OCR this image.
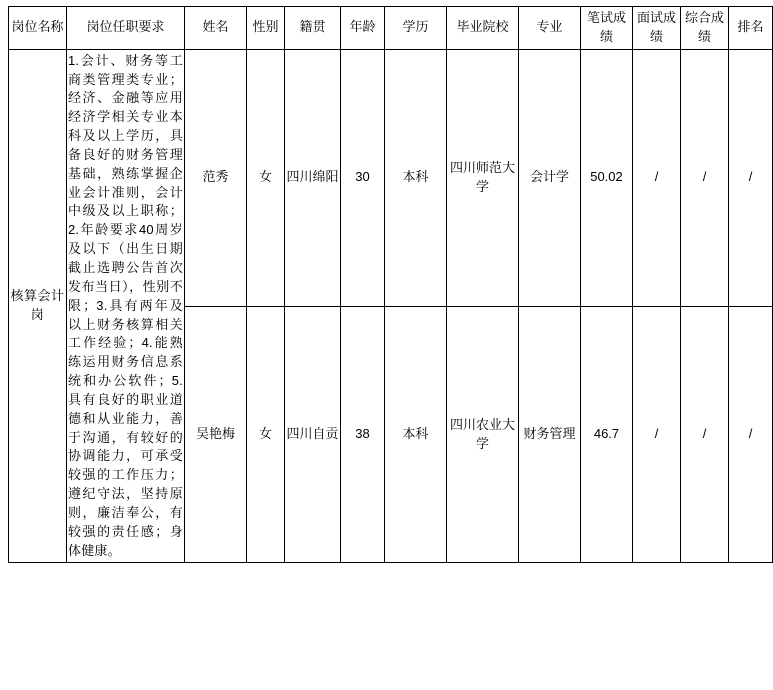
岗位名称	岗位任职要求	姓名	性别	籍贯	年龄	学历	毕业院校	专业	笔试成绩	面试成绩	综合成绩	排名
核算会计岗	1.会计、财务等工商类管理类专业；经济、金融等应用经济学相关专业本科及以上学历，具备良好的财务管理基础，熟练掌握企业会计准则，会计中级及以上职称；2.年龄要求40周岁及以下（出生日期截止选聘公告首次发布当日），性别不限；3.具有两年及以上财务核算相关工作经验；4.能熟练运用财务信息系统和办公软件；5.具有良好的职业道德和从业能力，善于沟通，有较好的协调能力，可承受较强的工作压力；遵纪守法，坚持原则，廉洁奉公，有较强的责任感；身体健康。	范秀	女	四川绵阳	30	本科	四川师范大学	会计学	50.02	/	/	/
		吴艳梅	女	四川自贡	38	本科	四川农业大学	财务管理	46.7	/	/	/
